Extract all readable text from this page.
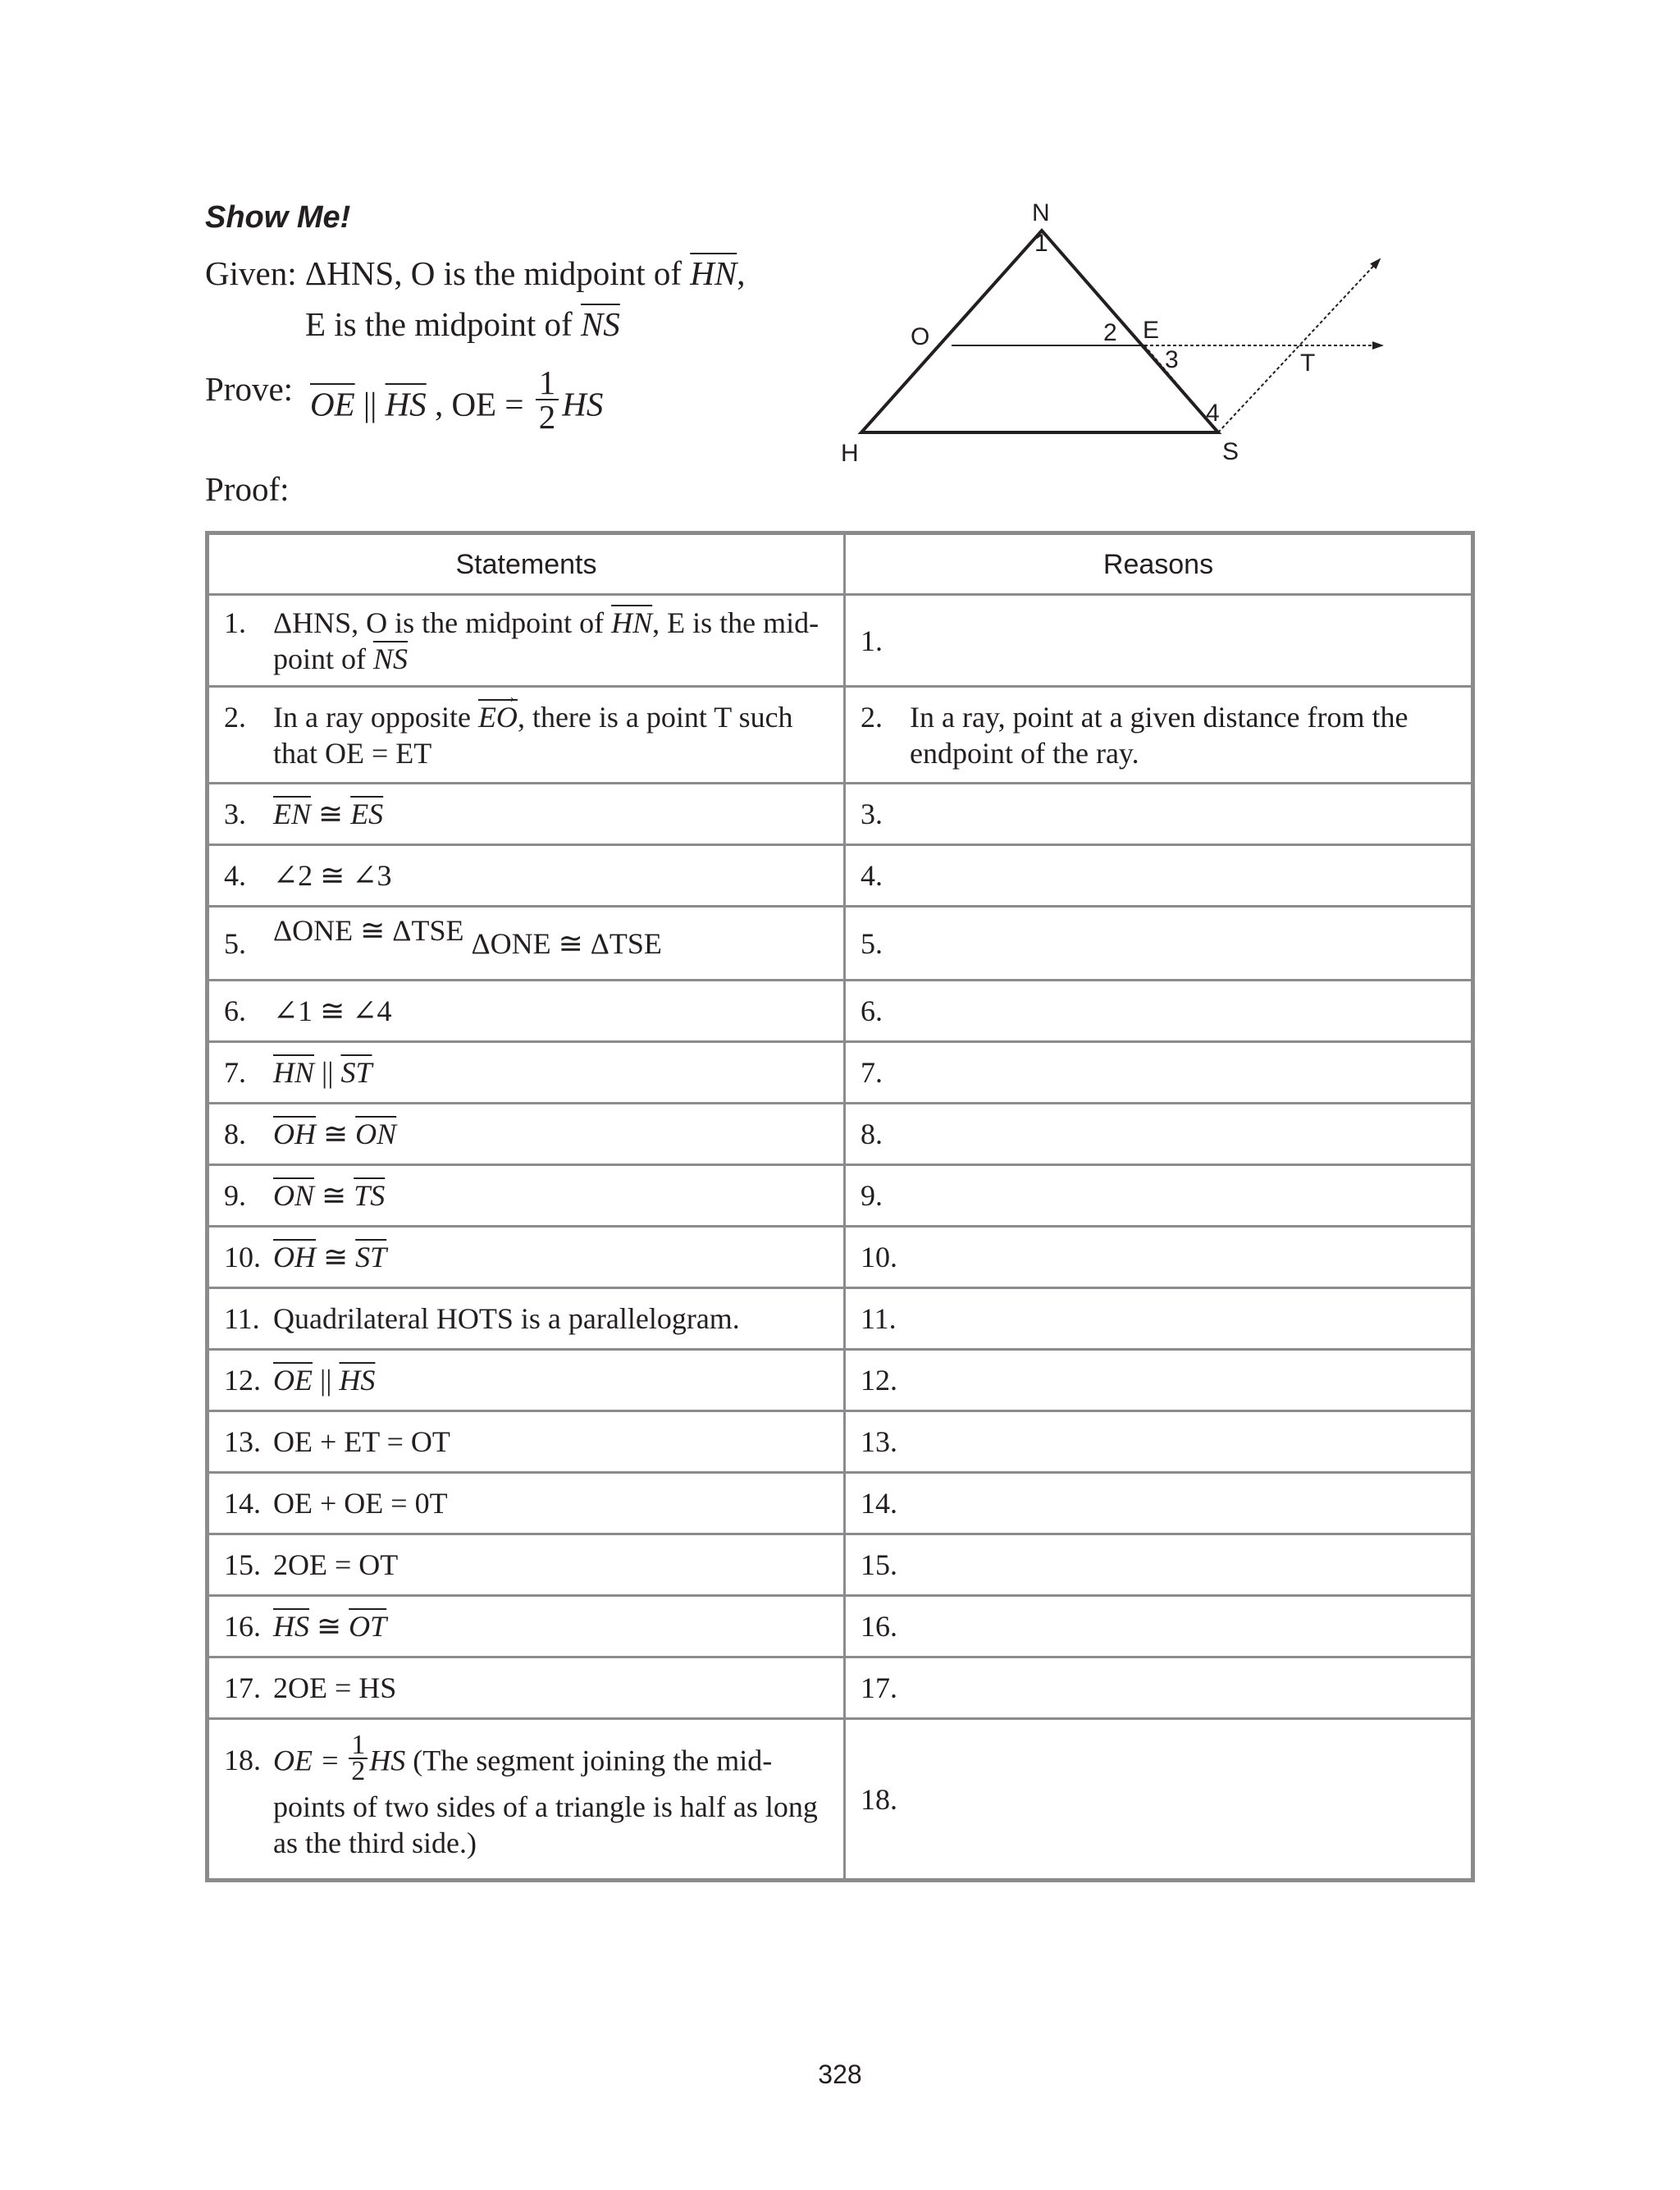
Show Me!
Given: ΔHNS, O is the midpoint of $\overline{HN}$,
E is the midpoint of $\overline{NS}$
Prove: $\overline{OE}$ || $\overline{HS}$ , OE = $\frac{1}{2}$ HS
Proof:
N
1
O	2 E
3	T
4
H	S
Statements	Reasons

1. ΔHNS, O is the midpoint of $\overline{HN}$, E is the mid-point of $\overline{NS}$	1.

2. In a ray opposite
→
$\overline{EO}$, there is a point T such that OE = ET	2. In a ray, point at a given distance from the endpoint of the ray.

3. $\overline{EN}$ ≅ $\overline{ES}$	3.

4. ∠2 ≅ ∠3	4.

5. ΔONE ≅ ΔTSE ΔONE ≅ ΔTSE	5.

6. ∠1 ≅ ∠4	6.

7. $\overline{HN}$ || $\overline{ST}$	7.

8. $\overline{OH}$ ≅ $\overline{ON}$	8.

9. $\overline{ON}$ ≅ $\overline{TS}$	9.

10. $\overline{OH}$ ≅ $\overline{ST}$	10.

11. Quadrilateral HOTS is a parallelogram.	11.

12. $\overline{OE}$ || $\overline{HS}$	12.

13. OE + ET = OT	13.

14. OE + OE = 0T	14.

15. 2OE = OT	15.

16. $\overline{HS}$ ≅ $\overline{OT}$	16.

17. 2OE = HS	17.

18. OE = $\frac{1}{2}$ HS (The segment joining the mid-points of two sides of a triangle is half as long as the third side.)	18.
328
